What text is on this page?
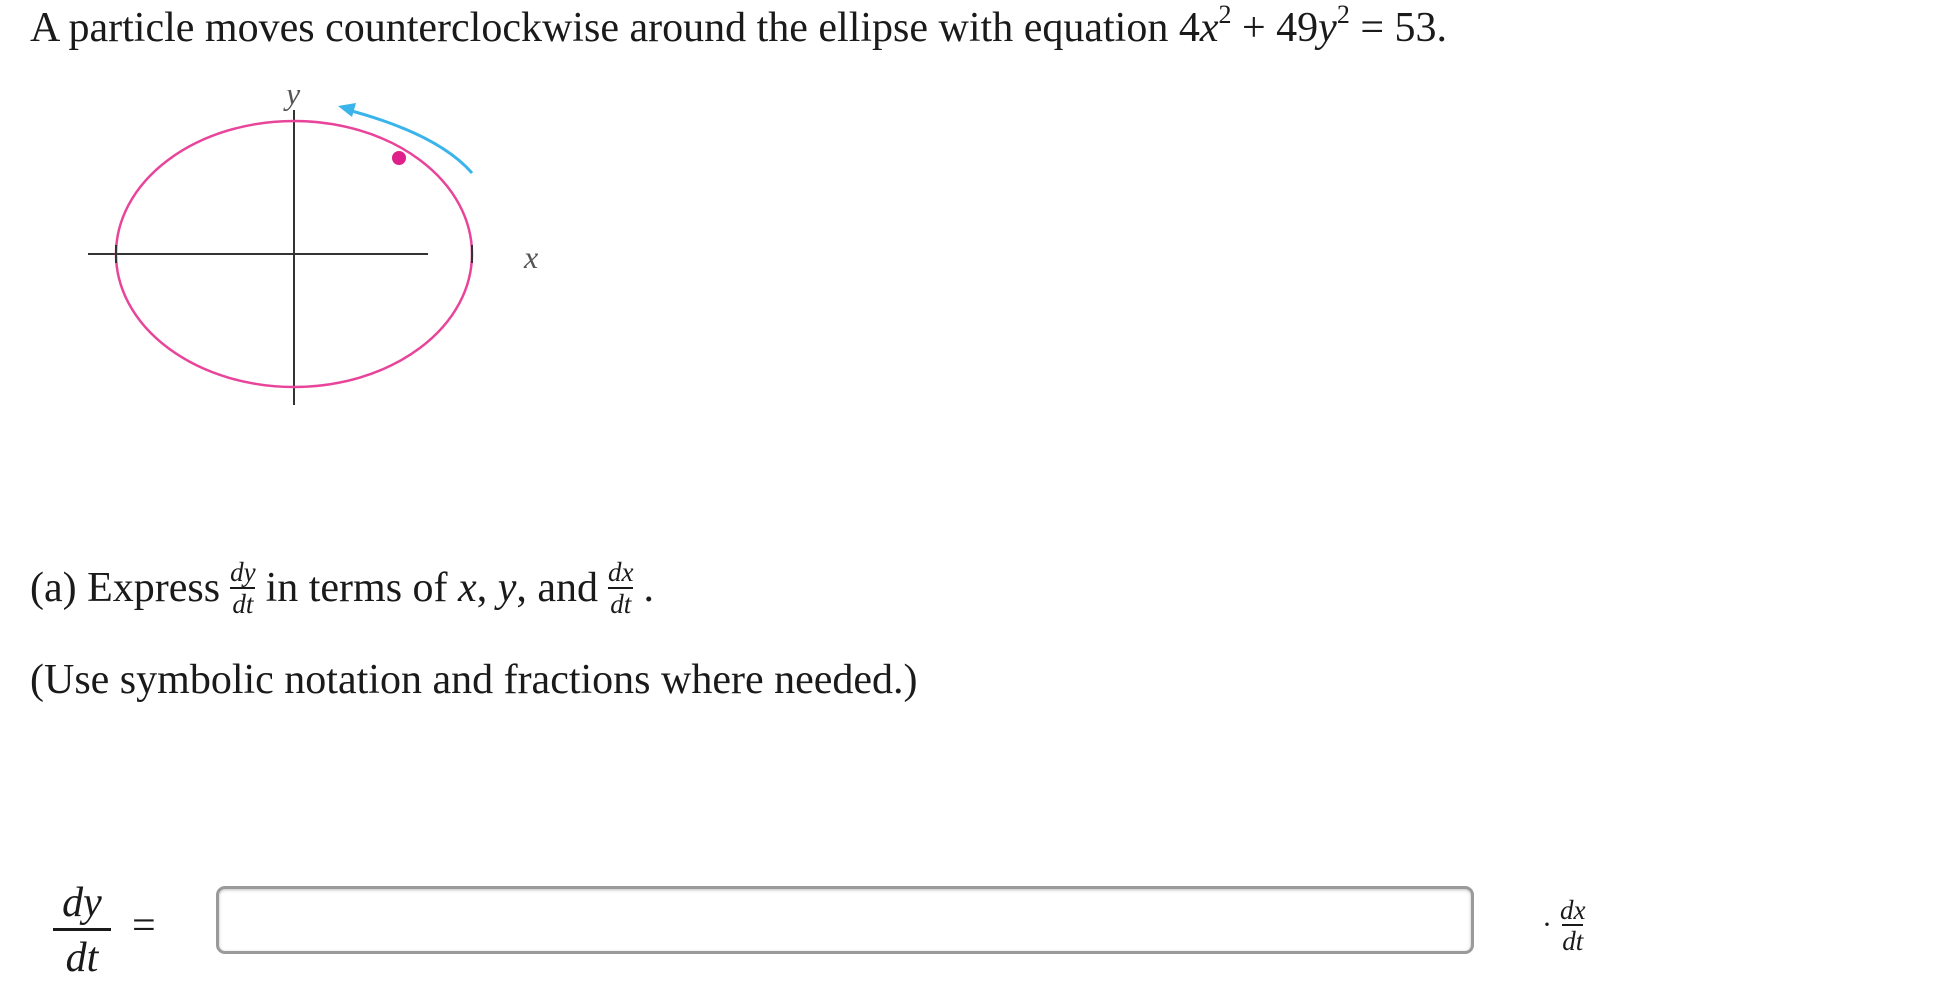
A particle moves counterclockwise around the ellipse with equation $4x^2 + 49y^2 = 53$.
y
x
(a) Express $\frac{dy}{dt}$ in terms of
x ,
y , and $\frac{dx}{dt}$ .
(Use symbolic notation and fractions where needed.)
$\frac{dy}{dt}$ =	· $\frac{dx}{dt}$
